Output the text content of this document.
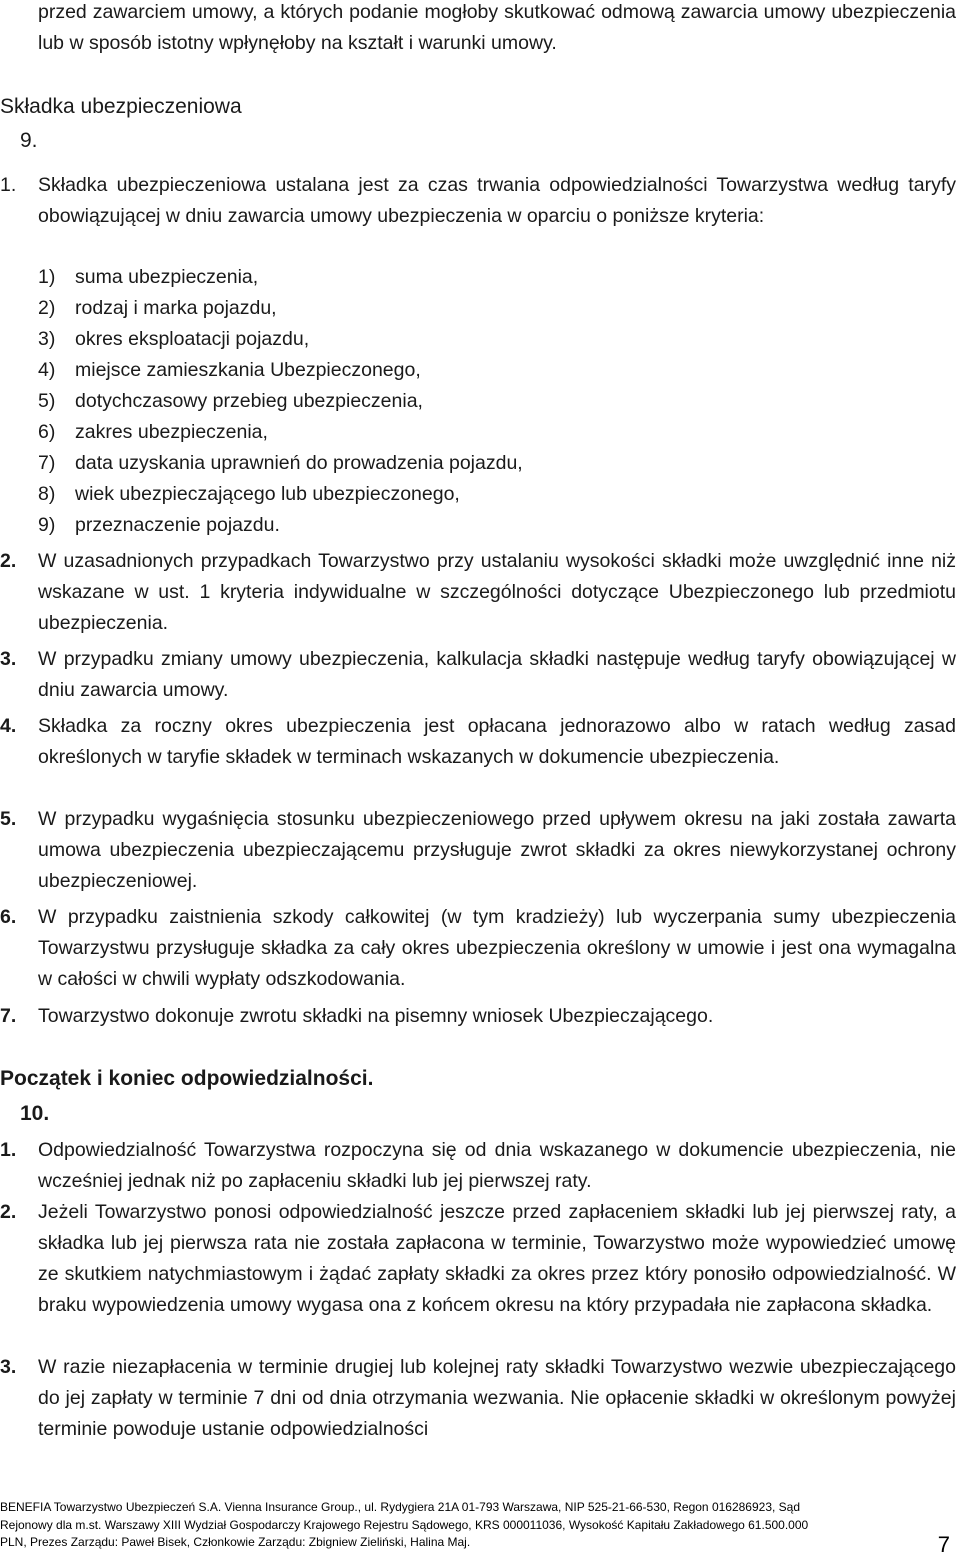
przed zawarciem umowy, a których podanie mogłoby skutkować odmową zawarcia umowy ubezpieczenia lub w sposób istotny wpłynęłoby na kształt i warunki umowy.
Składka ubezpieczeniowa
9.
1.	Składka ubezpieczeniowa ustalana jest za czas trwania odpowiedzialności Towarzystwa według taryfy obowiązującej w dniu zawarcia umowy ubezpieczenia w oparciu o poniższe kryteria:
1) suma ubezpieczenia,
2) rodzaj i marka pojazdu,
3) okres eksploatacji pojazdu,
4) miejsce zamieszkania Ubezpieczonego,
5) dotychczasowy przebieg ubezpieczenia,
6) zakres ubezpieczenia,
7) data uzyskania uprawnień do prowadzenia pojazdu,
8) wiek ubezpieczającego lub ubezpieczonego,
9) przeznaczenie pojazdu.
2.	W uzasadnionych przypadkach Towarzystwo przy ustalaniu wysokości składki może uwzględnić inne niż wskazane w ust. 1 kryteria indywidualne w szczególności dotyczące Ubezpieczonego lub przedmiotu ubezpieczenia.
3.	W przypadku zmiany umowy ubezpieczenia, kalkulacja składki następuje według taryfy obowiązującej w dniu zawarcia umowy.
4.	Składka za roczny okres ubezpieczenia jest opłacana jednorazowo albo w ratach według zasad określonych w taryfie składek w terminach wskazanych w dokumencie ubezpieczenia.
5.	W przypadku wygaśnięcia stosunku ubezpieczeniowego przed upływem okresu na jaki została zawarta umowa ubezpieczenia ubezpieczającemu przysługuje zwrot składki za okres niewykorzystanej ochrony ubezpieczeniowej.
6.	W przypadku zaistnienia szkody całkowitej (w tym kradzieży) lub wyczerpania sumy ubezpieczenia Towarzystwu przysługuje składka za cały okres ubezpieczenia określony w umowie i jest ona wymagalna w całości w chwili wypłaty odszkodowania.
7.	Towarzystwo dokonuje zwrotu składki na pisemny wniosek Ubezpieczającego.
Początek i koniec odpowiedzialności.
10.
1.	Odpowiedzialność Towarzystwa rozpoczyna się od dnia wskazanego w dokumencie ubezpieczenia, nie wcześniej jednak niż po zapłaceniu składki lub jej pierwszej raty.
2.	Jeżeli Towarzystwo ponosi odpowiedzialność jeszcze przed zapłaceniem składki lub jej pierwszej raty, a składka lub jej pierwsza rata nie została zapłacona w terminie, Towarzystwo może wypowiedzieć umowę ze skutkiem natychmiastowym i żądać zapłaty składki za okres przez który ponosiło odpowiedzialność. W braku wypowiedzenia umowy wygasa ona z końcem okresu na który przypadała nie zapłacona składka.
3.	W razie niezapłacenia w terminie drugiej lub kolejnej raty składki Towarzystwo wezwie ubezpieczającego do jej zapłaty w terminie 7 dni od dnia otrzymania wezwania. Nie opłacenie składki w określonym powyżej terminie powoduje ustanie odpowiedzialności
BENEFIA Towarzystwo Ubezpieczeń S.A. Vienna Insurance Group., ul. Rydygiera 21A 01-793 Warszawa, NIP 525-21-66-530, Regon 016286923, Sąd
Rejonowy dla m.st. Warszawy XIII Wydział Gospodarczy Krajowego Rejestru Sądowego, KRS 000011036, Wysokość Kapitału Zakładowego 61.500.000
PLN, Prezes Zarządu: Paweł Bisek, Członkowie Zarządu: Zbigniew Zieliński, Halina Maj.	7
